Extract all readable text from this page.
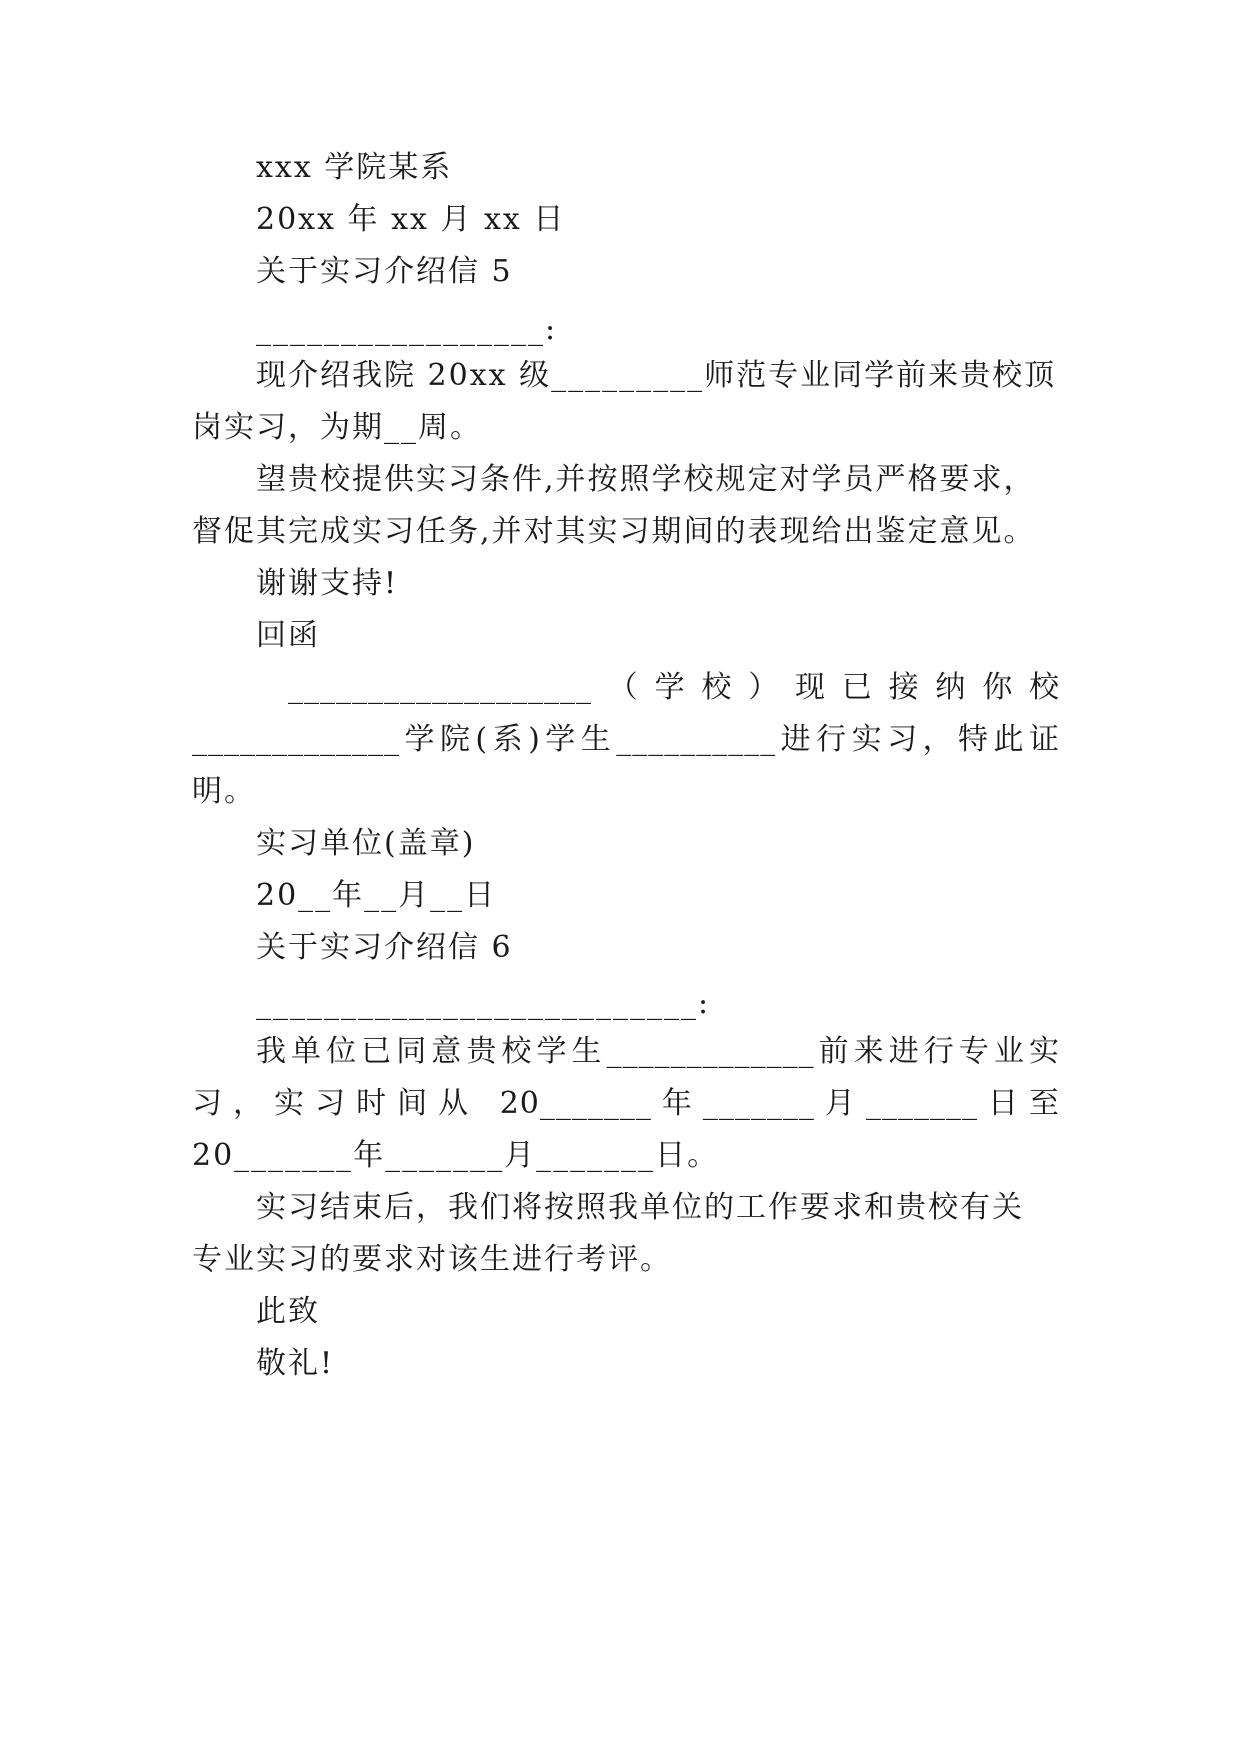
xxx 学院某系
20xx 年 xx 月 xx 日
关于实习介绍信 5
_________________:
现介绍我院 20xx 级_________师范专业同学前来贵校顶
岗实习，为期__周。
望贵校提供实习条件,并按照学校规定对学员严格要求，
督促其完成实习任务,并对其实习期间的表现给出鉴定意见。
谢谢支持!
回函
___________________（学校）现已接纳你校
_____________学院(系)学生__________进行实习，特此证
明。
实习单位(盖章)
20__年__月__日
关于实习介绍信 6
__________________________:
我单位已同意贵校学生_____________前来进行专业实
习，实习时间从 20_______年_______月_______日至
20_______年_______月_______日。
实习结束后，我们将按照我单位的工作要求和贵校有关
专业实习的要求对该生进行考评。
此致
敬礼!
